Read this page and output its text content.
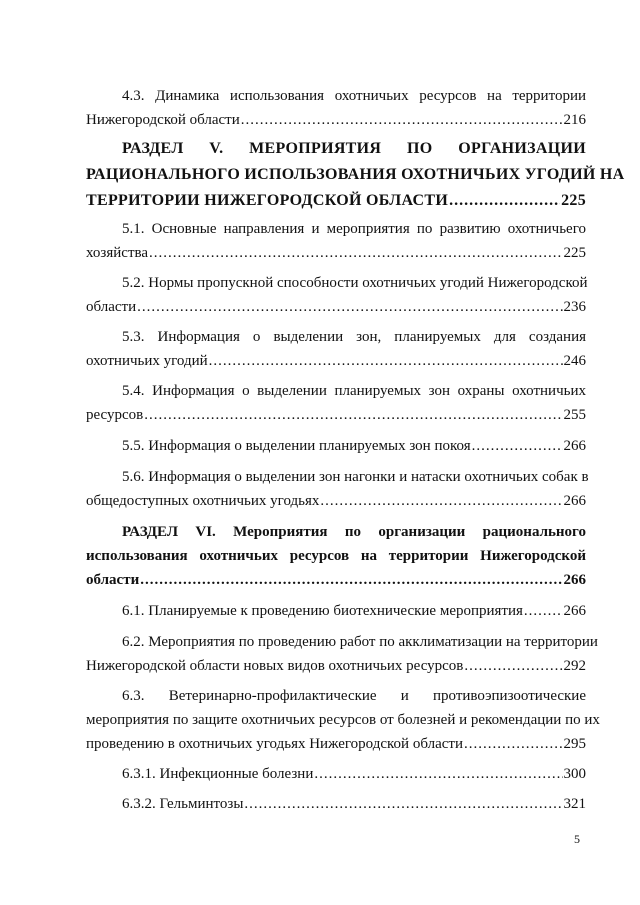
4.3. Динамика использования охотничьих ресурсов на территории
Нижегородской области .....	216
РАЗДЕЛ V. МЕРОПРИЯТИЯ ПО ОРГАНИЗАЦИИ
РАЦИОНАЛЬНОГО ИСПОЛЬЗОВАНИЯ ОХОТНИЧЬИХ УГОДИЙ НА
ТЕРРИТОРИИ НИЖЕГОРОДСКОЙ ОБЛАСТИ .....	225
5.1. Основные направления и мероприятия по развитию охотничьего
хозяйства .....	225
5.2. Нормы пропускной способности охотничьих угодий Нижегородской
области .....	236
5.3. Информация о выделении зон, планируемых для создания
охотничьих угодий .....	246
5.4. Информация о выделении планируемых зон охраны охотничьих
ресурсов .....	255
5.5. Информация о выделении планируемых зон покоя .....	266
5.6. Информация о выделении зон нагонки и натаски охотничьих собак в
общедоступных охотничьих угодьях .....	266
РАЗДЕЛ VI. Мероприятия по организации рационального
использования охотничьих ресурсов на территории Нижегородской
области .....	266
6.1. Планируемые к проведению биотехнические мероприятия .....	266
6.2. Мероприятия по проведению работ по акклиматизации на территории
Нижегородской области новых видов охотничьих ресурсов .....	292
6.3. Ветеринарно-профилактические и противоэпизоотические
мероприятия по защите охотничьих ресурсов от болезней и рекомендации по их
проведению в охотничьих угодьях Нижегородской области .....	295
6.3.1. Инфекционные болезни .....	300
6.3.2. Гельминтозы .....	321
5
